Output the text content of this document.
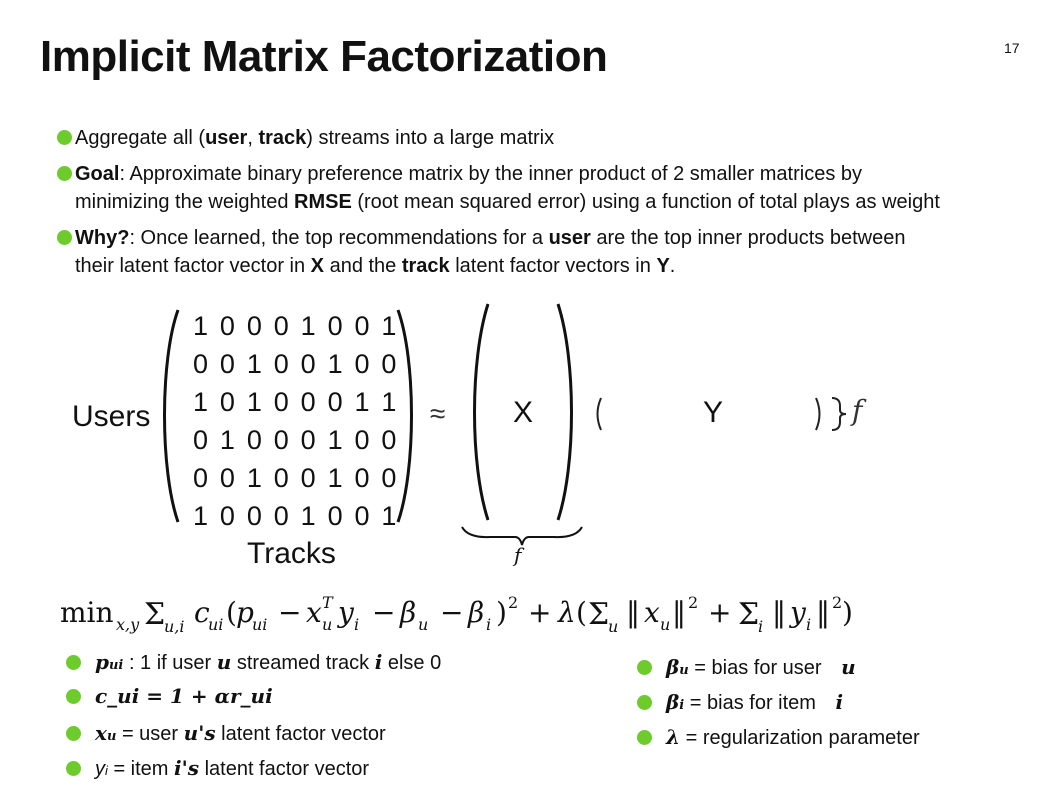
Implicit Matrix Factorization	17
Aggregate all (user, track) streams into a large matrix
Goal: Approximate binary preference matrix by the inner product of 2 smaller matrices by
minimizing the weighted RMSE (root mean squared error) using a function of total plays as weight
Why?: Once learned, the top recommendations for a user are the top inner products between
their latent factor vector in X and the track latent factor vectors in Y.
Users
1 0 0 0 1 0 0 1
0 0 1 0 0 1 0 0
1 0 1 0 0 0 1 1
0 1 0 0 0 1 0 0
0 0 1 0 0 1 0 0
1 0 0 0 1 0 0 1
Tracks
≈ X
f
Y	f
min x,y Σ
u,i c
ui ( p
ui − x T
u y i − β u − β i ) 2 + λ ( Σ
u ‖ x u ‖ 2 + Σ
i ‖ y i ‖ 2 )
pui : 1 if user u streamed track i else 0
c_ui = 1 + αr_ui
xu = user u's latent factor vector
yi = item i's latent factor vector
βu = bias for user u
βi = bias for item i
λ = regularization parameter
